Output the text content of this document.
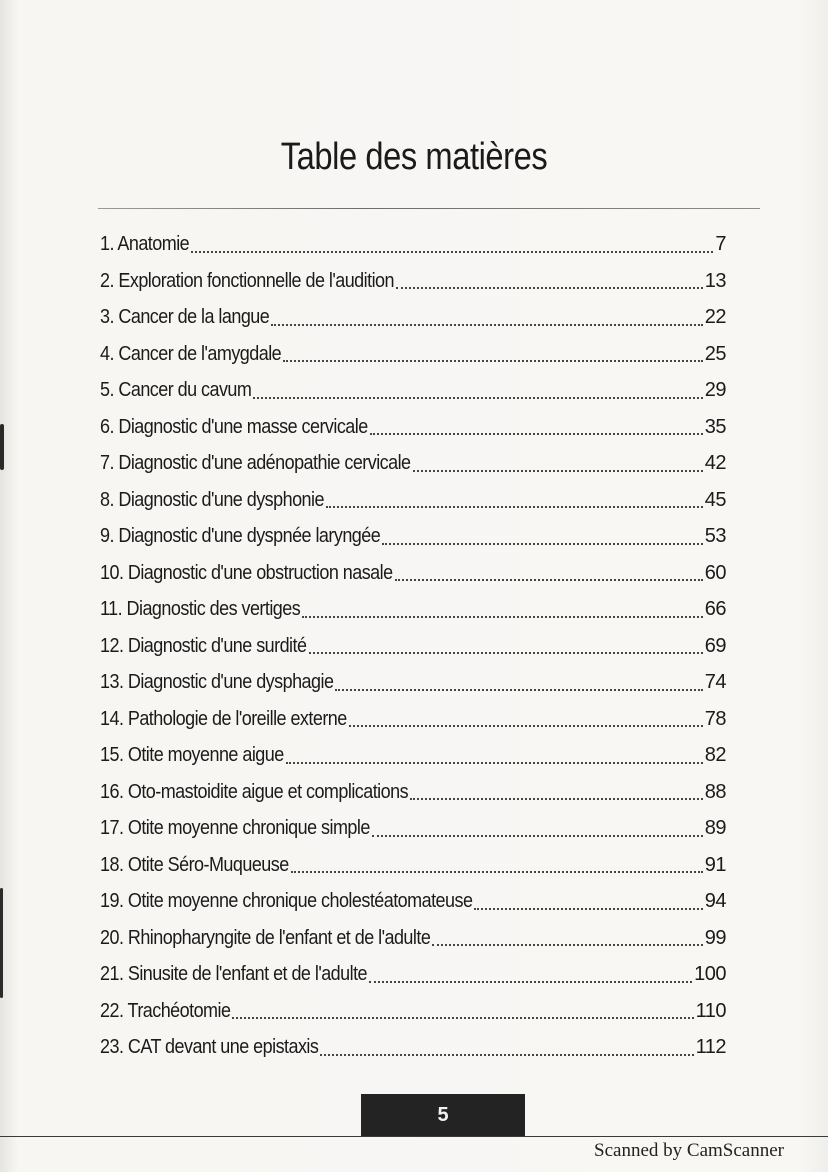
Table des matières
1. Anatomie	7
2. Exploration fonctionnelle de l'audition	13
3. Cancer de la langue	22
4. Cancer de l'amygdale	25
5. Cancer du cavum	29
6. Diagnostic d'une masse cervicale	35
7. Diagnostic d'une adénopathie cervicale	42
8. Diagnostic d'une dysphonie	45
9. Diagnostic d'une dyspnée laryngée	53
10. Diagnostic d'une obstruction nasale	60
11. Diagnostic des vertiges	66
12. Diagnostic d'une surdité	69
13. Diagnostic d'une dysphagie	74
14. Pathologie de l'oreille externe	78
15. Otite moyenne aigue	82
16. Oto-mastoidite aigue et complications	88
17. Otite moyenne chronique simple	89
18. Otite Séro-Muqueuse	91
19. Otite moyenne chronique cholestéatomateuse	94
20. Rhinopharyngite de l'enfant et de l'adulte	99
21. Sinusite de l'enfant et de l'adulte	100
22. Trachéotomie	110
23. CAT devant une epistaxis	112
5
Scanned by CamScanner
